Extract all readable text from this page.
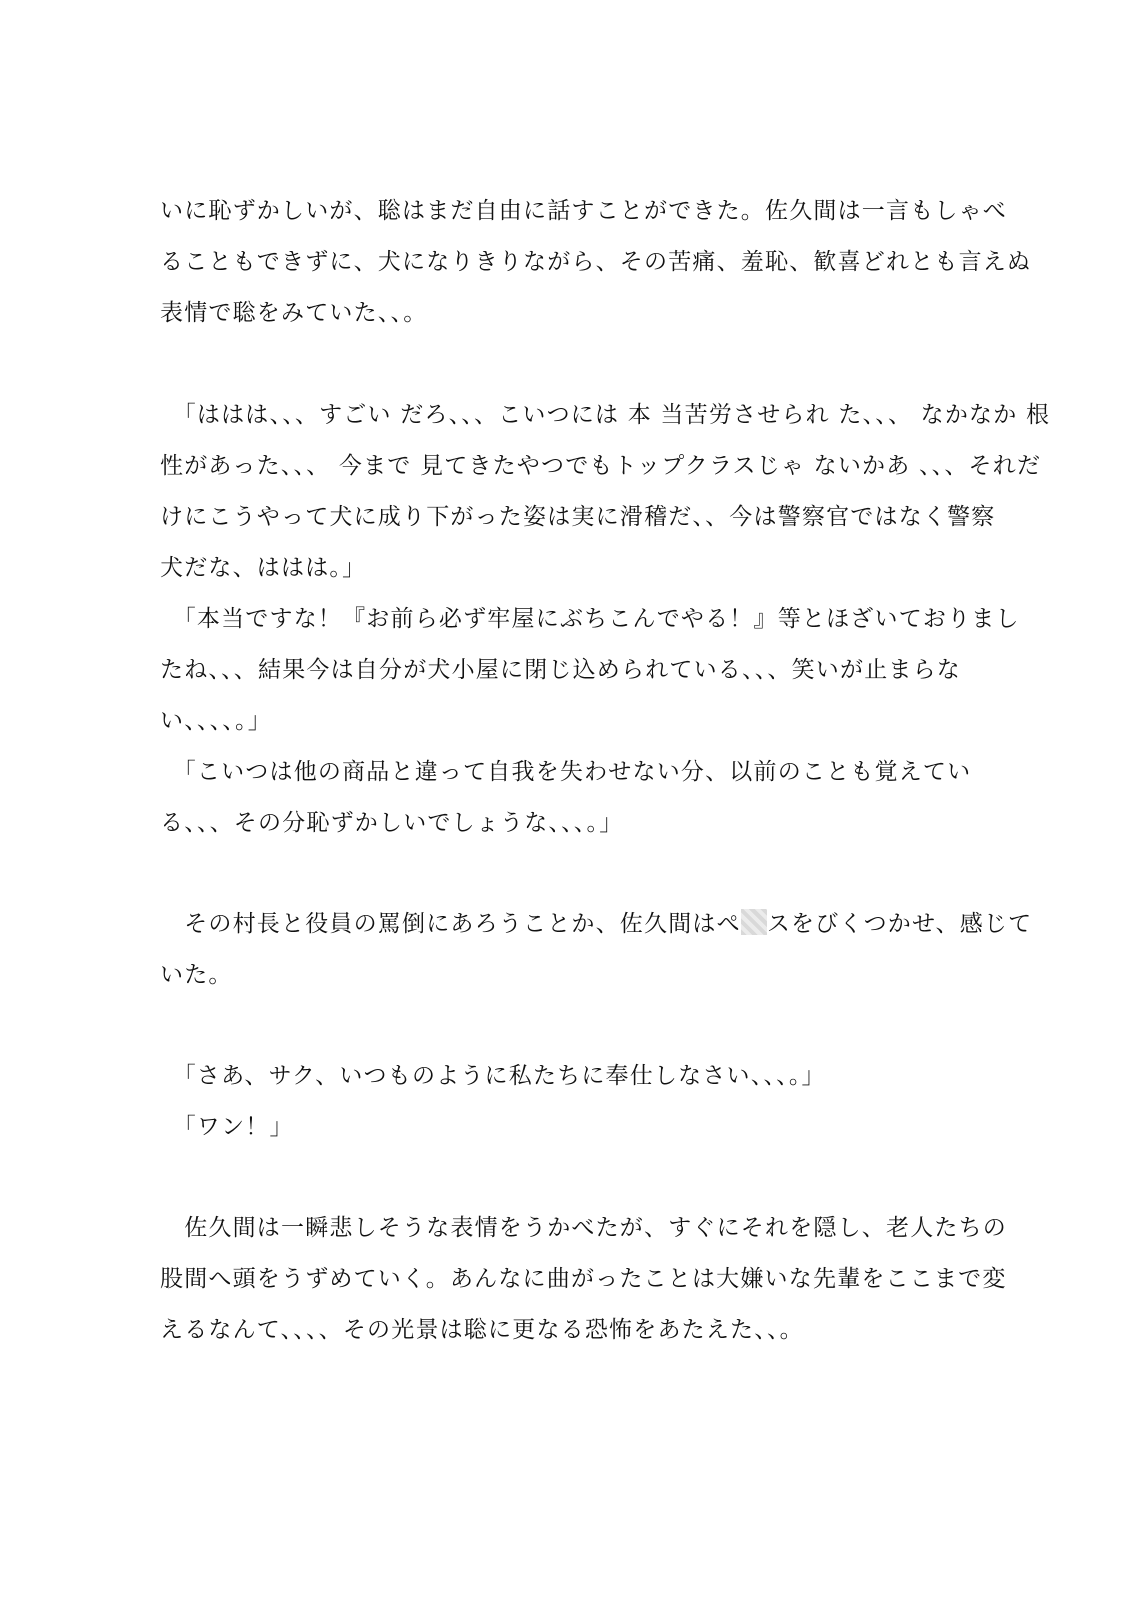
いに恥ずかしいが、聡はまだ自由に話すことができた。佐久間は一言もしゃべ
ることもできずに、犬になりきりながら、その苦痛、羞恥、歓喜どれとも言えぬ
表情で聡をみていた、、。
　「ははは、、、すごい だろ、、、こいつには 本 当苦労させられ た、、、 なかなか 根
性があった、、、 今まで 見てきたやつでもトップクラスじゃ ないかあ 、、、それだ
けにこうやって犬に成り下がった姿は実に滑稽だ、、今は警察官ではなく警察
犬だな、ははは。」
　「本当ですな！『お前ら必ず牢屋にぶちこんでやる！』等とほざいておりまし
たね、、、結果今は自分が犬小屋に閉じ込められている、、、笑いが止まらな
い、、、、。」
　「こいつは他の商品と違って自我を失わせない分、以前のことも覚えてい
る、、、その分恥ずかしいでしょうな、、、。」
　その村長と役員の罵倒にあろうことか、佐久間はぺ スをびくつかせ、感じて
いた。
　「さあ、サク、いつものように私たちに奉仕しなさい、、、。」
　「ワン！」
　佐久間は一瞬悲しそうな表情をうかべたが、すぐにそれを隠し、老人たちの
股間へ頭をうずめていく。あんなに曲がったことは大嫌いな先輩をここまで変
えるなんて、、、、その光景は聡に更なる恐怖をあたえた、、。
